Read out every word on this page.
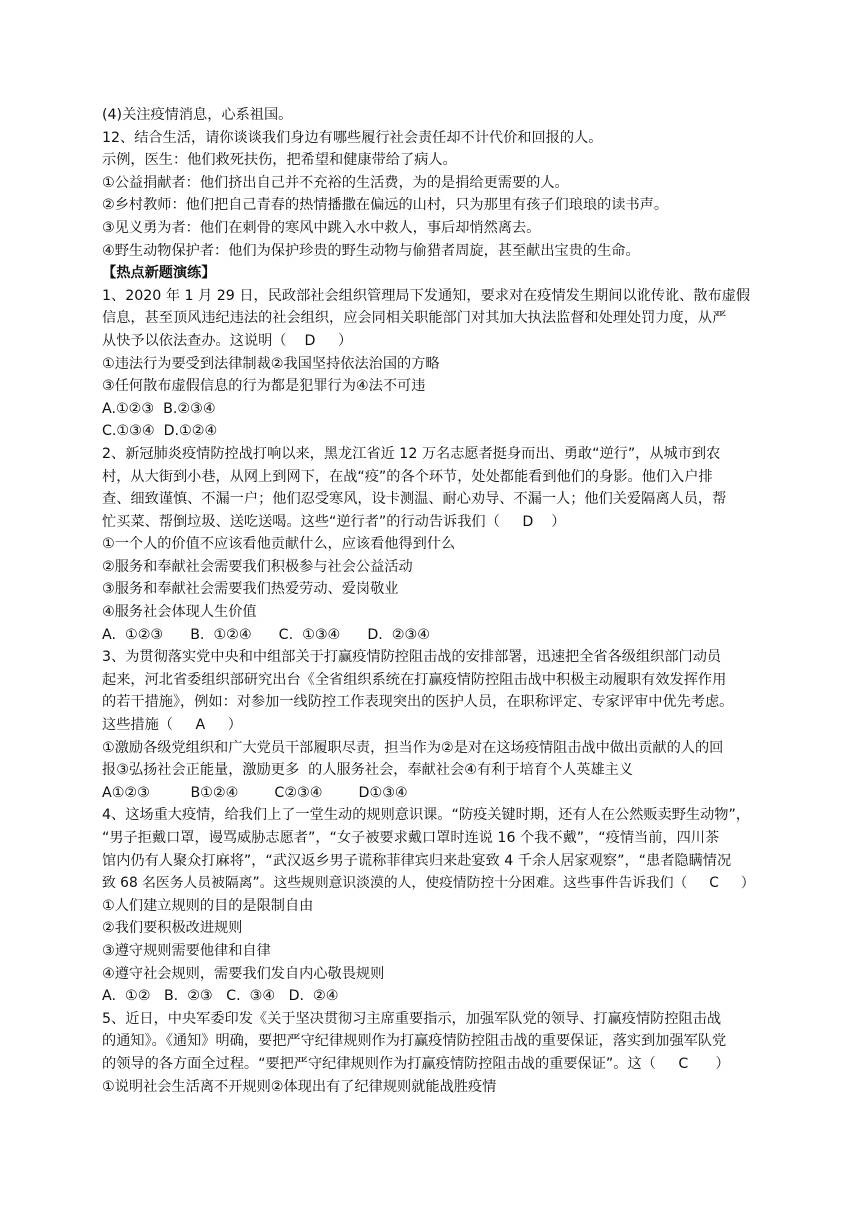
(4)关注疫情消息，心系祖国。
12、结合生活，请你谈谈我们身边有哪些履行社会责任却不计代价和回报的人。
示例，医生：他们救死扶伤，把希望和健康带给了病人。
①公益捐献者：他们挤出自己并不充裕的生活费，为的是捐给更需要的人。
②乡村教师：他们把自己青春的热情播撒在偏远的山村，只为那里有孩子们琅琅的读书声。
③见义勇为者：他们在刺骨的寒风中跳入水中救人，事后却悄然离去。
④野生动物保护者：他们为保护珍贵的野生动物与偷猎者周旋，甚至献出宝贵的生命。
【热点新题演练】
1、2020 年 1 月 29 日，民政部社会组织管理局下发通知，要求对在疫情发生期间以讹传讹、散布虚假
信息，甚至顶风违纪违法的社会组织，应会同相关职能部门对其加大执法监督和处理处罚力度，从严
从快予以依法查办。这说明（    D     ）
①违法行为要受到法律制裁②我国坚持依法治国的方略
③任何散布虚假信息的行为都是犯罪行为④法不可违
A.①②③  B.②③④
C.①③④  D.①②④
2、新冠肺炎疫情防控战打响以来，黑龙江省近 12 万名志愿者挺身而出、勇敢“逆行”，从城市到农
村，从大街到小巷，从网上到网下，在战“疫”的各个环节，处处都能看到他们的身影。他们入户排
查、细致谨慎、不漏一户；他们忍受寒风，设卡测温、耐心劝导、不漏一人；他们关爱隔离人员，帮
忙买菜、帮倒垃圾、送吃送喝。这些“逆行者”的行动告诉我们（     D    ）
①一个人的价值不应该看他贡献什么，应该看他得到什么
②服务和奉献社会需要我们积极参与社会公益活动
③服务和奉献社会需要我们热爱劳动、爱岗敬业
④服务社会体现人生价值
A.  ①②③      B.  ①②④      C.  ①③④      D.  ②③④
3、为贯彻落实党中央和中组部关于打赢疫情防控阻击战的安排部署，迅速把全省各级组织部门动员
起来，河北省委组织部研究出台《全省组织系统在打赢疫情防控阻击战中积极主动履职有效发挥作用
的若干措施》，例如：对参加一线防控工作表现突出的医护人员，在职称评定、专家评审中优先考虑。
这些措施（     A     ）
①激励各级党组织和广大党员干部履职尽责，担当作为②是对在这场疫情阻击战中做出贡献的人的回
报③弘扬社会正能量，激励更多  的人服务社会，奉献社会④有利于培育个人英雄主义
A①②③         B①②④        C②③④        D①③④
4、这场重大疫情，给我们上了一堂生动的规则意识课。“防疫关键时期，还有人在公然贩卖野生动物”，
“男子拒戴口罩，谩骂威胁志愿者”，“女子被要求戴口罩时连说 16 个我不戴”，“疫情当前，四川茶
馆内仍有人聚众打麻将”，“武汉返乡男子谎称菲律宾归来赴宴致 4 千余人居家观察”，“患者隐瞒情况
致 68 名医务人员被隔离”。这些规则意识淡漠的人，使疫情防控十分困难。这些事件告诉我们（     C     ）
①人们建立规则的目的是限制自由
②我们要积极改进规则
③遵守规则需要他律和自律
④遵守社会规则，需要我们发自内心敬畏规则
A.  ①②   B.  ②③   C.  ③④   D.  ②④
5、近日，中央军委印发《关于坚决贯彻习主席重要指示，加强军队党的领导、打赢疫情防控阻击战
的通知》。《通知》明确，要把严守纪律规则作为打赢疫情防控阻击战的重要保证，落实到加强军队党
的领导的各方面全过程。“要把严守纪律规则作为打赢疫情防控阻击战的重要保证”。这（     C      ）
①说明社会生活离不开规则②体现出有了纪律规则就能战胜疫情
